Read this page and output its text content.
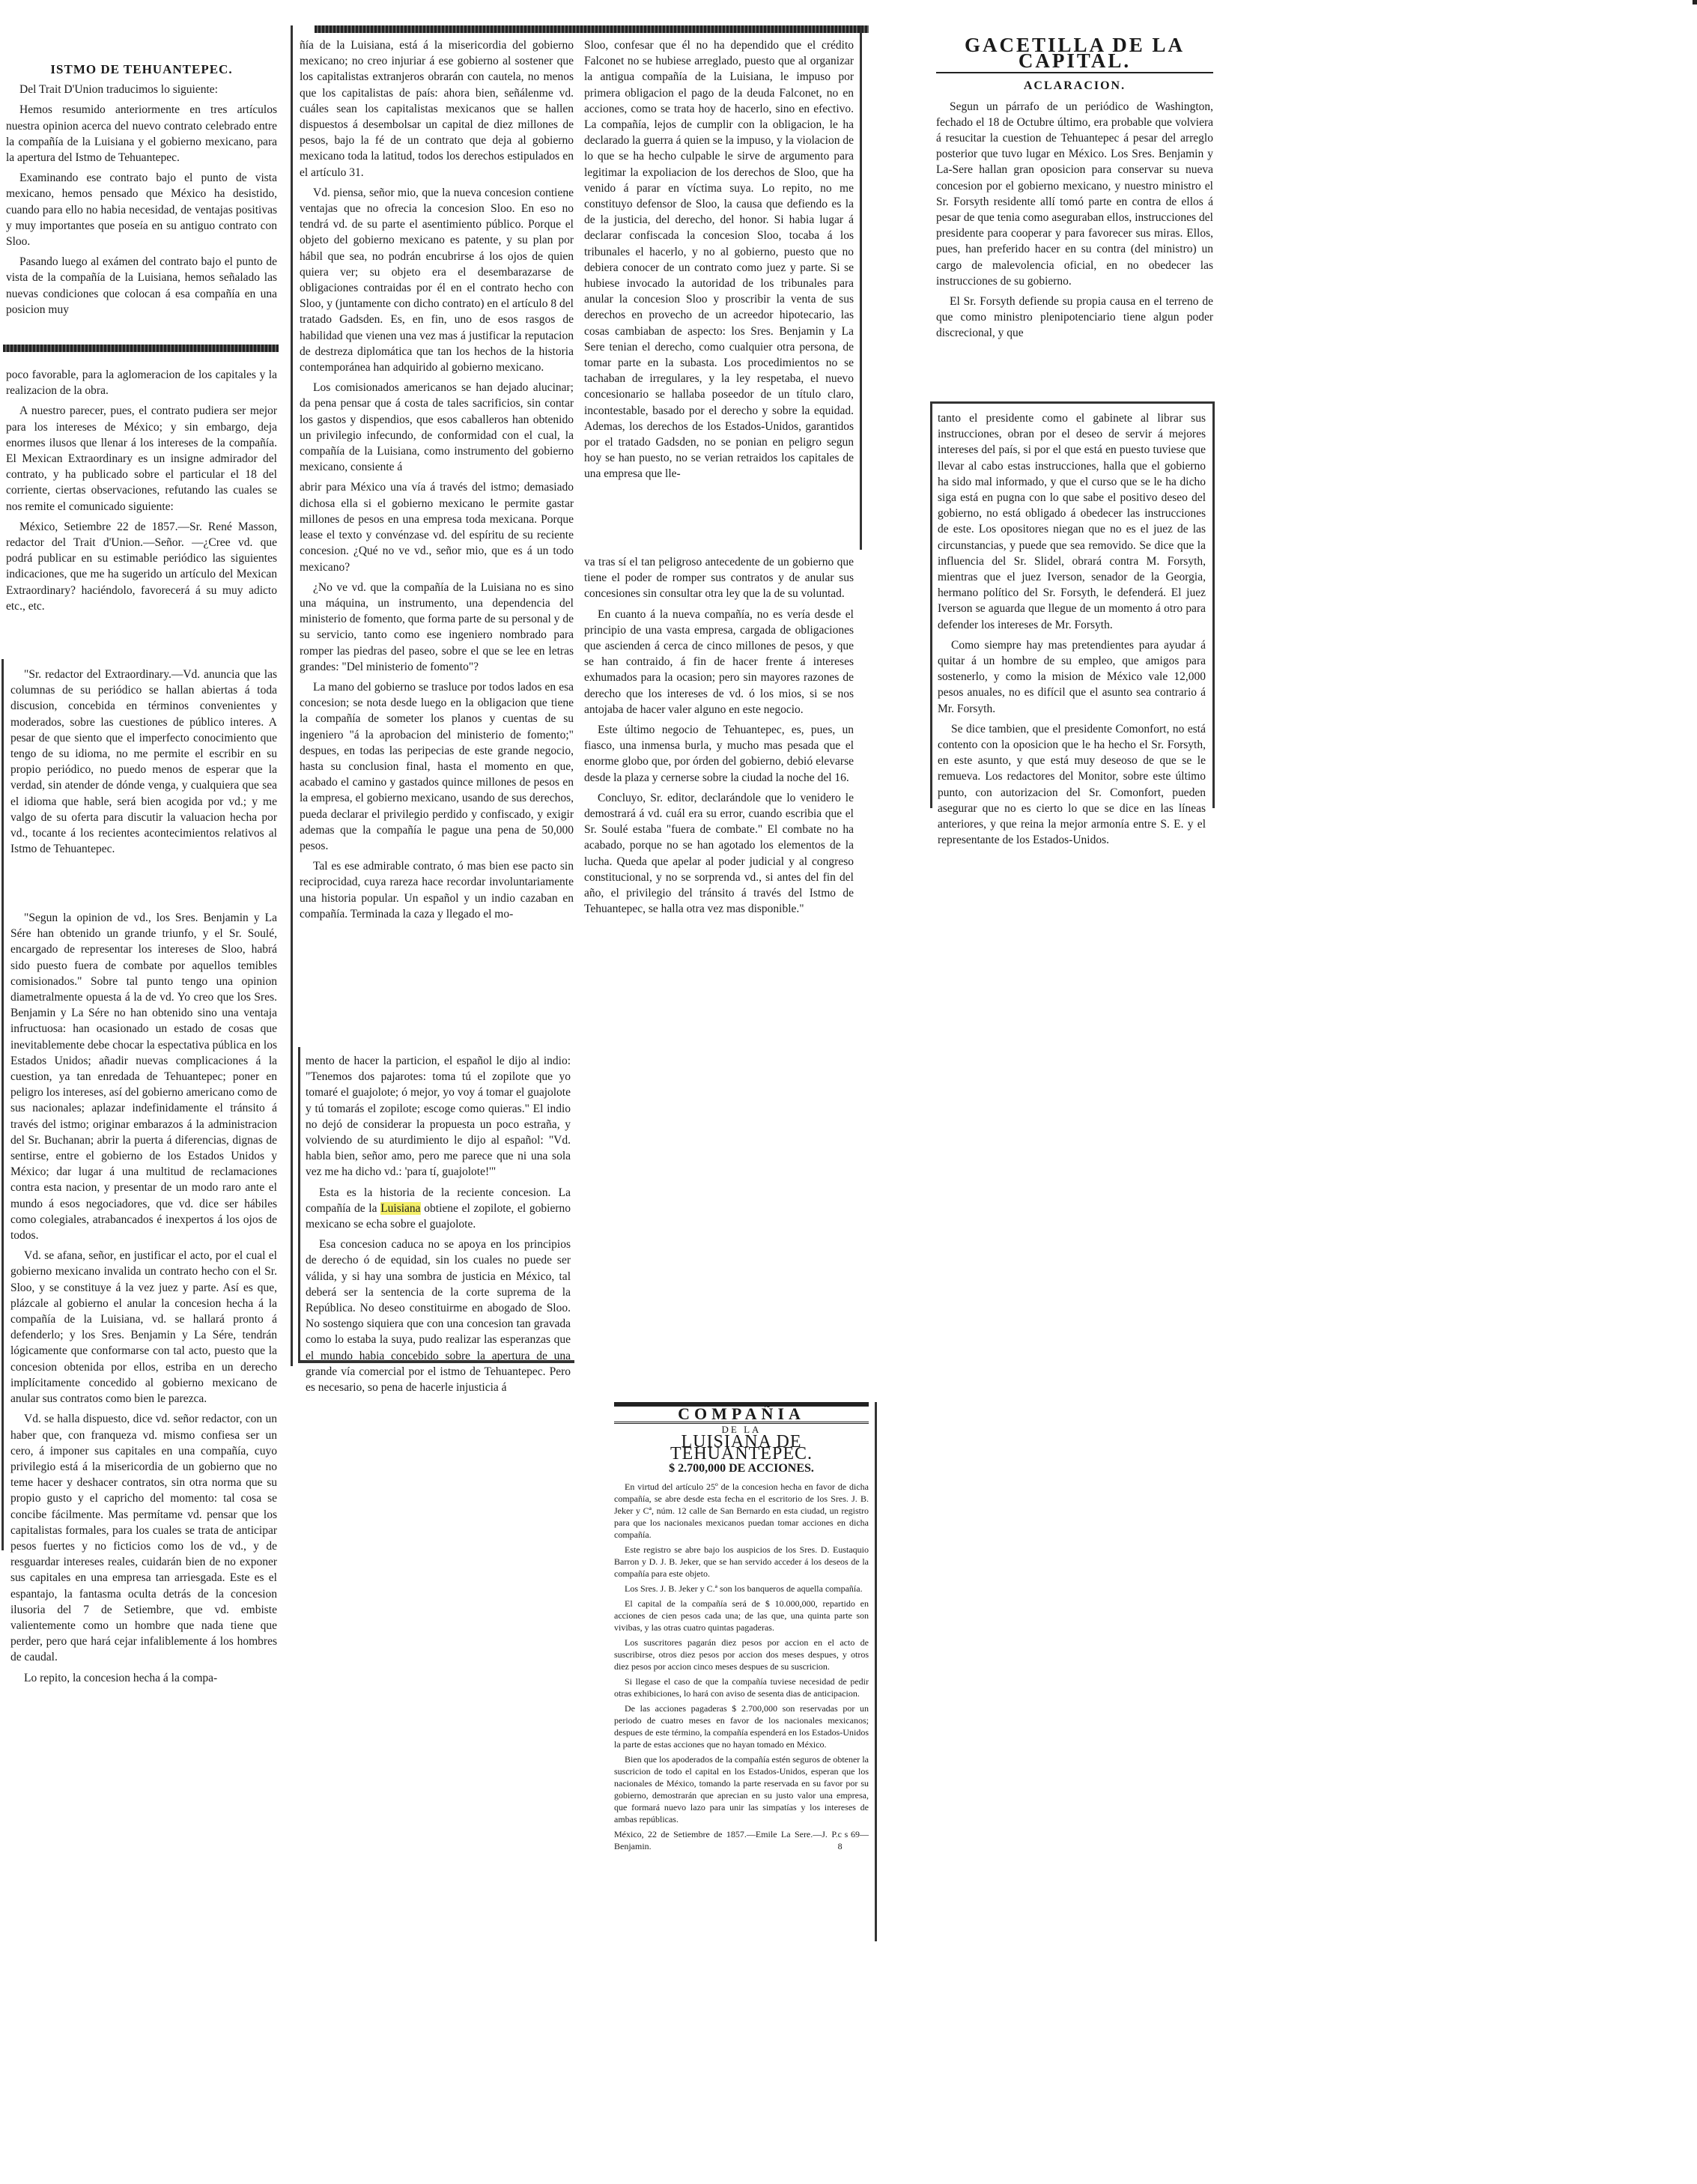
ISTMO DE TEHUANTEPEC.

Del Trait D'Union traducimos lo siguiente:

Hemos resumido anteriormente en tres artículos nuestra opinion acerca del nuevo contrato celebrado entre la compañía de la Luisiana y el gobierno mexicano, para la apertura del Istmo de Tehuantepec.

Examinando ese contrato bajo el punto de vista mexicano, hemos pensado que México ha desistido, cuando para ello no habia necesidad, de ventajas positivas y muy importantes que poseía en su antiguo contrato con Sloo.

Pasando luego al exámen del contrato bajo el punto de vista de la compañía de la Luisiana, hemos señalado las nuevas condiciones que colocan á esa compañía en una posicion muy

poco favorable, para la aglomeracion de los capitales y la realizacion de la obra.

A nuestro parecer, pues, el contrato pudiera ser mejor para los intereses de México; y sin embargo, deja enormes ilusos que llenar á los intereses de la compañía. El Mexican Extraordinary es un insigne admirador del contrato, y ha publicado sobre el particular el 18 del corriente, ciertas observaciones, refutando las cuales se nos remite el comunicado siguiente:

México, Setiembre 22 de 1857.—Sr. René Masson, redactor del Trait d'Union.—Señor. —¿Cree vd. que podrá publicar en su estimable periódico las siguientes indicaciones, que me ha sugerido un artículo del Mexican Extraordinary? haciéndolo, favorecerá á su muy adicto etc., etc.

"Sr. redactor del Extraordinary.—Vd. anuncia que las columnas de su periódico se hallan abiertas á toda discusion, concebida en términos convenientes y moderados, sobre las cuestiones de público interes. A pesar de que siento que el imperfecto conocimiento que tengo de su idioma, no me permite el escribir en su propio periódico, no puedo menos de esperar que la verdad, sin atender de dónde venga, y cualquiera que sea el idioma que hable, será bien acogida por vd.; y me valgo de su oferta para discutir la valuacion hecha por vd., tocante á los recientes acontecimientos relativos al Istmo de Tehuantepec.

"Segun la opinion de vd., los Sres. Benjamin y La Sére han obtenido un grande triunfo, y el Sr. Soulé, encargado de representar los intereses de Sloo, habrá sido puesto fuera de combate por aquellos temibles comisionados." Sobre tal punto tengo una opinion diametralmente opuesta á la de vd. Yo creo que los Sres. Benjamin y La Sére no han obtenido sino una ventaja infructuosa: han ocasionado un estado de cosas que inevitablemente debe chocar la espectativa pública en los Estados Unidos; añadir nuevas complicaciones á la cuestion, ya tan enredada de Tehuantepec; poner en peligro los intereses, así del gobierno americano como de sus nacionales; aplazar indefinidamente el tránsito á través del istmo; originar embarazos á la administracion del Sr. Buchanan; abrir la puerta á diferencias, dignas de sentirse, entre el gobierno de los Estados Unidos y México; dar lugar á una multitud de reclamaciones contra esta nacion, y presentar de un modo raro ante el mundo á esos negociadores, que vd. dice ser hábiles como colegiales, atrabancados é inexpertos á los ojos de todos.

Vd. se afana, señor, en justificar el acto, por el cual el gobierno mexicano invalida un contrato hecho con el Sr. Sloo, y se constituye á la vez juez y parte. Así es que, plázcale al gobierno el anular la concesion hecha á la compañía de la Luisiana, vd. se hallará pronto á defenderlo; y los Sres. Benjamin y La Sére, tendrán lógicamente que conformarse con tal acto, puesto que la concesion obtenida por ellos, estriba en un derecho implícitamente concedido al gobierno mexicano de anular sus contratos como bien le parezca.

Vd. se halla dispuesto, dice vd. señor redactor, con un haber que, con franqueza vd. mismo confiesa ser un cero, á imponer sus capitales en una compañía, cuyo privilegio está á la misericordia de un gobierno que no teme hacer y deshacer contratos, sin otra norma que su propio gusto y el capricho del momento: tal cosa se concibe fácilmente. Mas permítame vd. pensar que los capitalistas formales, para los cuales se trata de anticipar pesos fuertes y no ficticios como los de vd., y de resguardar intereses reales, cuidarán bien de no exponer sus capitales en una empresa tan arriesgada. Este es el espantajo, la fantasma oculta detrás de la concesion ilusoria del 7 de Setiembre, que vd. embiste valientemente como un hombre que nada tiene que perder, pero que hará cejar infaliblemente á los hombres de caudal.

Lo repito, la concesion hecha á la compa-

ñía de la Luisiana, está á la misericordia del gobierno mexicano; no creo injuriar á ese gobierno al sostener que los capitalistas extranjeros obrarán con cautela, no menos que los capitalistas de país: ahora bien, señálenme vd. cuáles sean los capitalistas mexicanos que se hallen dispuestos á desembolsar un capital de diez millones de pesos, bajo la fé de un contrato que deja al gobierno mexicano toda la latitud, todos los derechos estipulados en el artículo 31.

Vd. piensa, señor mio, que la nueva concesion contiene ventajas que no ofrecia la concesion Sloo. En eso no tendrá vd. de su parte el asentimiento público. Porque el objeto del gobierno mexicano es patente, y su plan por hábil que sea, no podrán encubrirse á los ojos de quien quiera ver; su objeto era el desembarazarse de obligaciones contraidas por él en el contrato hecho con Sloo, y (juntamente con dicho contrato) en el artículo 8 del tratado Gadsden. Es, en fin, uno de esos rasgos de habilidad que vienen una vez mas á justificar la reputacion de destreza diplomática que tan los hechos de la historia contemporánea han adquirido al gobierno mexicano.

Los comisionados americanos se han dejado alucinar; da pena pensar que á costa de tales sacrificios, sin contar los gastos y dispendios, que esos caballeros han obtenido un privilegio infecundo, de conformidad con el cual, la compañía de la Luisiana, como instrumento del gobierno mexicano, consiente á

abrir para México una vía á través del istmo; demasiado dichosa ella si el gobierno mexicano le permite gastar millones de pesos en una empresa toda mexicana. Porque lease el texto y convénzase vd. del espíritu de su reciente concesion. ¿Qué no ve vd., señor mio, que es á un todo mexicano?

¿No ve vd. que la compañía de la Luisiana no es sino una máquina, un instrumento, una dependencia del ministerio de fomento, que forma parte de su personal y de su servicio, tanto como ese ingeniero nombrado para romper las piedras del paseo, sobre el que se lee en letras grandes: "Del ministerio de fomento"?

La mano del gobierno se trasluce por todos lados en esa concesion; se nota desde luego en la obligacion que tiene la compañía de someter los planos y cuentas de su ingeniero "á la aprobacion del ministerio de fomento;" despues, en todas las peripecias de este grande negocio, hasta su conclusion final, hasta el momento en que, acabado el camino y gastados quince millones de pesos en la empresa, el gobierno mexicano, usando de sus derechos, pueda declarar el privilegio perdido y confiscado, y exigir ademas que la compañía le pague una pena de 50,000 pesos.

Tal es ese admirable contrato, ó mas bien ese pacto sin reciprocidad, cuya rareza hace recordar involuntariamente una historia popular. Un español y un indio cazaban en compañía. Terminada la caza y llegado el mo-

mento de hacer la particion, el español le dijo al indio: "Tenemos dos pajarotes: toma tú el zopilote que yo tomaré el guajolote; ó mejor, yo voy á tomar el guajolote y tú tomarás el zopilote; escoge como quieras." El indio no dejó de considerar la propuesta un poco estraña, y volviendo de su aturdimiento le dijo al español: "Vd. habla bien, señor amo, pero me parece que ni una sola vez me ha dicho vd.: 'para tí, guajolote!'"

Esta es la historia de la reciente concesion. La compañía de la Luisiana obtiene el zopilote, el gobierno mexicano se echa sobre el guajolote.

Esa concesion caduca no se apoya en los principios de derecho ó de equidad, sin los cuales no puede ser válida, y si hay una sombra de justicia en México, tal deberá ser la sentencia de la corte suprema de la República. No deseo constituirme en abogado de Sloo. No sostengo siquiera que con una concesion tan gravada como lo estaba la suya, pudo realizar las esperanzas que el mundo habia concebido sobre la apertura de una grande vía comercial por el istmo de Tehuantepec. Pero es necesario, so pena de hacerle injusticia á

Sloo, confesar que él no ha dependido que el crédito Falconet no se hubiese arreglado, puesto que al organizar la antigua compañía de la Luisiana, le impuso por primera obligacion el pago de la deuda Falconet, no en acciones, como se trata hoy de hacerlo, sino en efectivo. La compañía, lejos de cumplir con la obligacion, le ha declarado la guerra á quien se la impuso, y la violacion de lo que se ha hecho culpable le sirve de argumento para legitimar la expoliacion de los derechos de Sloo, que ha venido á parar en víctima suya. Lo repito, no me constituyo defensor de Sloo, la causa que defiendo es la de la justicia, del derecho, del honor. Si habia lugar á declarar confiscada la concesion Sloo, tocaba á los tribunales el hacerlo, y no al gobierno, puesto que no debiera conocer de un contrato como juez y parte. Si se hubiese invocado la autoridad de los tribunales para anular la concesion Sloo y proscribir la venta de sus derechos en provecho de un acreedor hipotecario, las cosas cambiaban de aspecto: los Sres. Benjamin y La Sere tenian el derecho, como cualquier otra persona, de tomar parte en la subasta. Los procedimientos no se tachaban de irregulares, y la ley respetaba, el nuevo concesionario se hallaba poseedor de un título claro, incontestable, basado por el derecho y sobre la equidad. Ademas, los derechos de los Estados-Unidos, garantidos por el tratado Gadsden, no se ponian en peligro segun hoy se han puesto, no se verian retraidos los capitales de una empresa que lle-

va tras sí el tan peligroso antecedente de un gobierno que tiene el poder de romper sus contratos y de anular sus concesiones sin consultar otra ley que la de su voluntad.

En cuanto á la nueva compañía, no es vería desde el principio de una vasta empresa, cargada de obligaciones que ascienden á cerca de cinco millones de pesos, y que se han contraido, á fin de hacer frente á intereses exhumados para la ocasion; pero sin mayores razones de derecho que los intereses de vd. ó los mios, si se nos antojaba de hacer valer alguno en este negocio.

Este último negocio de Tehuantepec, es, pues, un fiasco, una inmensa burla, y mucho mas pesada que el enorme globo que, por órden del gobierno, debió elevarse desde la plaza y cernerse sobre la ciudad la noche del 16.

Concluyo, Sr. editor, declarándole que lo venidero le demostrará á vd. cuál era su error, cuando escribia que el Sr. Soulé estaba "fuera de combate." El combate no ha acabado, porque no se han agotado los elementos de la lucha. Queda que apelar al poder judicial y al congreso constitucional, y no se sorprenda vd., si antes del fin del año, el privilegio del tránsito á través del Istmo de Tehuantepec, se halla otra vez mas disponible."

GACETILLA DE LA CAPITAL.
ACLARACION.

Segun un párrafo de un periódico de Washington, fechado el 18 de Octubre último, era probable que volviera á resucitar la cuestion de Tehuantepec á pesar del arreglo posterior que tuvo lugar en México. Los Sres. Benjamin y La-Sere hallan gran oposicion para conservar su nueva concesion por el gobierno mexicano, y nuestro ministro el Sr. Forsyth residente allí tomó parte en contra de ellos á pesar de que tenia como aseguraban ellos, instrucciones del presidente para cooperar y para favorecer sus miras. Ellos, pues, han preferido hacer en su contra (del ministro) un cargo de malevolencia oficial, en no obedecer las instrucciones de su gobierno.

El Sr. Forsyth defiende su propia causa en el terreno de que como ministro plenipotenciario tiene algun poder discrecional, y que

tanto el presidente como el gabinete al librar sus instrucciones, obran por el deseo de servir á mejores intereses del país, si por el que está en puesto tuviese que llevar al cabo estas instrucciones, halla que el gobierno ha sido mal informado, y que el curso que se le ha dicho siga está en pugna con lo que sabe el positivo deseo del gobierno, no está obligado á obedecer las instrucciones de este. Los opositores niegan que no es el juez de las circunstancias, y puede que sea removido. Se dice que la influencia del Sr. Slidel, obrará contra M. Forsyth, mientras que el juez Iverson, senador de la Georgia, hermano político del Sr. Forsyth, le defenderá. El juez Iverson se aguarda que llegue de un momento á otro para defender los intereses de Mr. Forsyth.

Como siempre hay mas pretendientes para ayudar á quitar á un hombre de su empleo, que amigos para sostenerlo, y como la mision de México vale 12,000 pesos anuales, no es difícil que el asunto sea contrario á Mr. Forsyth.

Se dice tambien, que el presidente Comonfort, no está contento con la oposicion que le ha hecho el Sr. Forsyth, en este asunto, y que está muy deseoso de que se le remueva. Los redactores del Monitor, sobre este último punto, con autorizacion del Sr. Comonfort, pueden asegurar que no es cierto lo que se dice en las líneas anteriores, y que reina la mejor armonía entre S. E. y el representante de los Estados-Unidos.

COMPAÑIA
DE LA
LUISIANA DE TEHUANTEPEC.
$ 2.700,000 DE ACCIONES.

En virtud del artículo 25º de la concesion hecha en favor de dicha compañía, se abre desde esta fecha en el escritorio de los Sres. J. B. Jeker y Cª, núm. 12 calle de San Bernardo en esta ciudad, un registro para que los nacionales mexicanos puedan tomar acciones en dicha compañía.

Este registro se abre bajo los auspicios de los Sres. D. Eustaquio Barron y D. J. B. Jeker, que se han servido acceder á los deseos de la compañía para este objeto.

Los Sres. J. B. Jeker y C.ª son los banqueros de aquella compañía.

El capital de la compañía será de $ 10.000,000, repartido en acciones de cien pesos cada una; de las que, una quinta parte son vivibas, y las otras cuatro quintas pagaderas.

Los suscritores pagarán diez pesos por accion en el acto de suscribirse, otros diez pesos por accion dos meses despues, y otros diez pesos por accion cinco meses despues de su suscricion.

Si llegase el caso de que la compañía tuviese necesidad de pedir otras exhibiciones, lo hará con aviso de sesenta dias de anticipacion.

De las acciones pagaderas $ 2.700,000 son reservadas por un periodo de cuatro meses en favor de los nacionales mexicanos; despues de este término, la compañía espenderá en los Estados-Unidos la parte de estas acciones que no hayan tomado en México.

Bien que los apoderados de la compañía estén seguros de obtener la suscricion de todo el capital en los Estados-Unidos, esperan que los nacionales de México, tomando la parte reservada en su favor por su gobierno, demostrarán que aprecian en su justo valor una empresa, que formará nuevo lazo para unir las simpatías y los intereses de ambas repúblicas.

México, 22 de Setiembre de 1857.—Emile La Sere.—J. P. Benjamin.
c s 69—8
